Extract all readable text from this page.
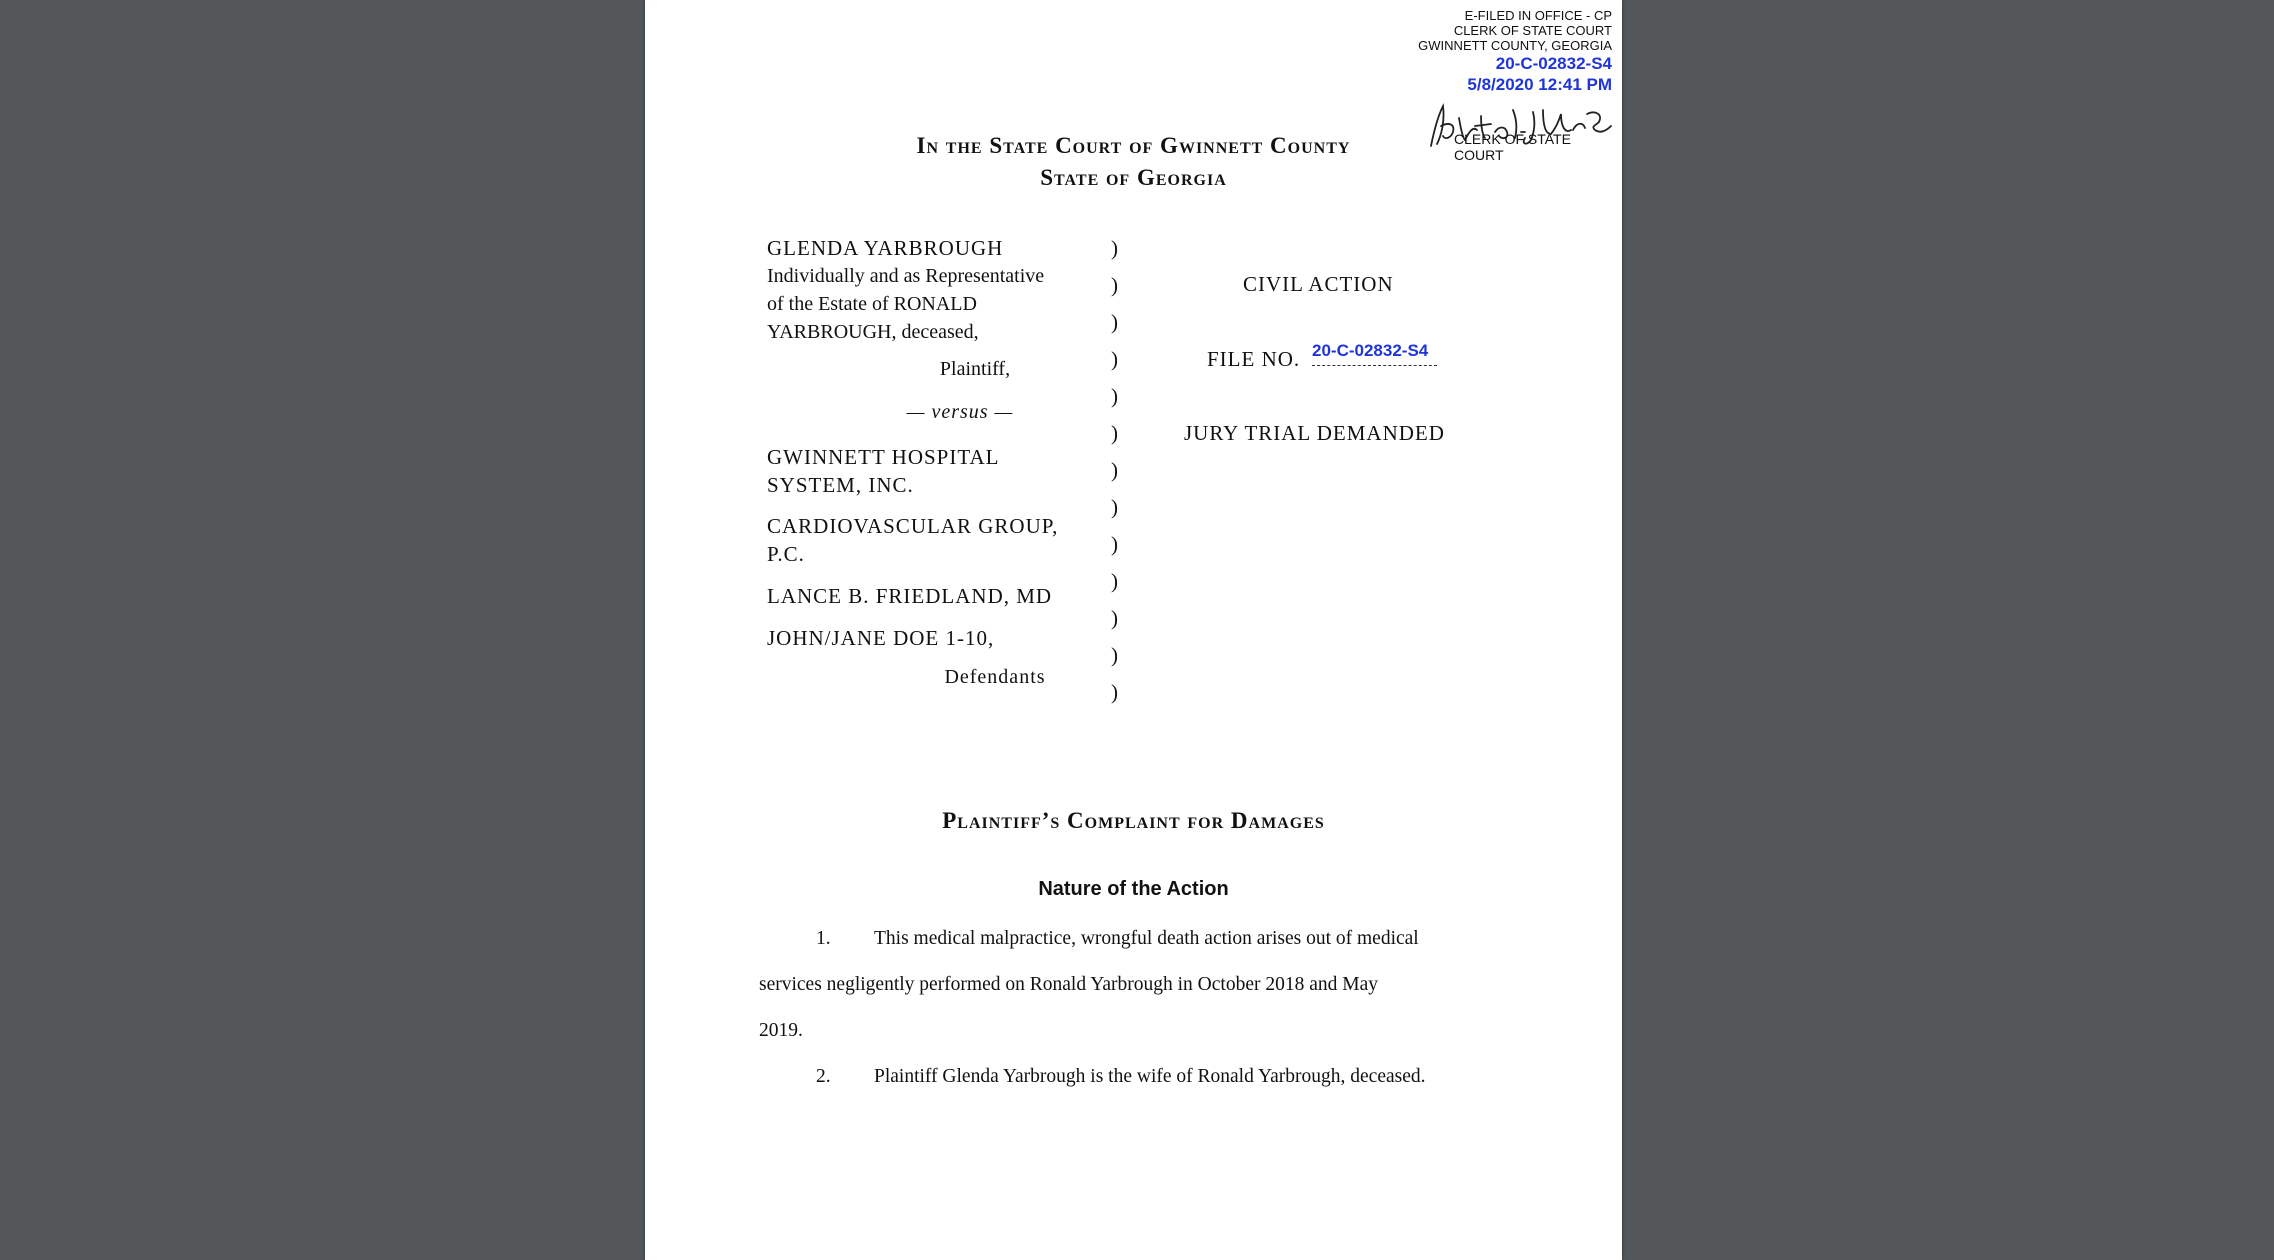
E-FILED IN OFFICE - CP
CLERK OF STATE COURT
GWINNETT COUNTY, GEORGIA
20-C-02832-S4
5/8/2020 12:41 PM
CLERK OF STATE COURT
In the State Court of Gwinnett County
State of Georgia
GLENDA YARBROUGH
Individually and as Representative
of the Estate of RONALD
YARBROUGH, deceased,
Plaintiff,
— versus —
GWINNETT HOSPITAL
SYSTEM, INC.
CARDIOVASCULAR GROUP,
P.C.
LANCE B. FRIEDLAND, MD
JOHN/JANE DOE 1-10,
Defendants
)
)
)
)
)
)
)
)
)
)
)
)
)
CIVIL ACTION
FILE NO. 20-C-02832-S4
JURY TRIAL DEMANDED
Plaintiff’s Complaint for Damages
Nature of the Action
1. This medical malpractice, wrongful death action arises out of medical
services negligently performed on Ronald Yarbrough in October 2018 and May
2019.
2. Plaintiff Glenda Yarbrough is the wife of Ronald Yarbrough, deceased.
